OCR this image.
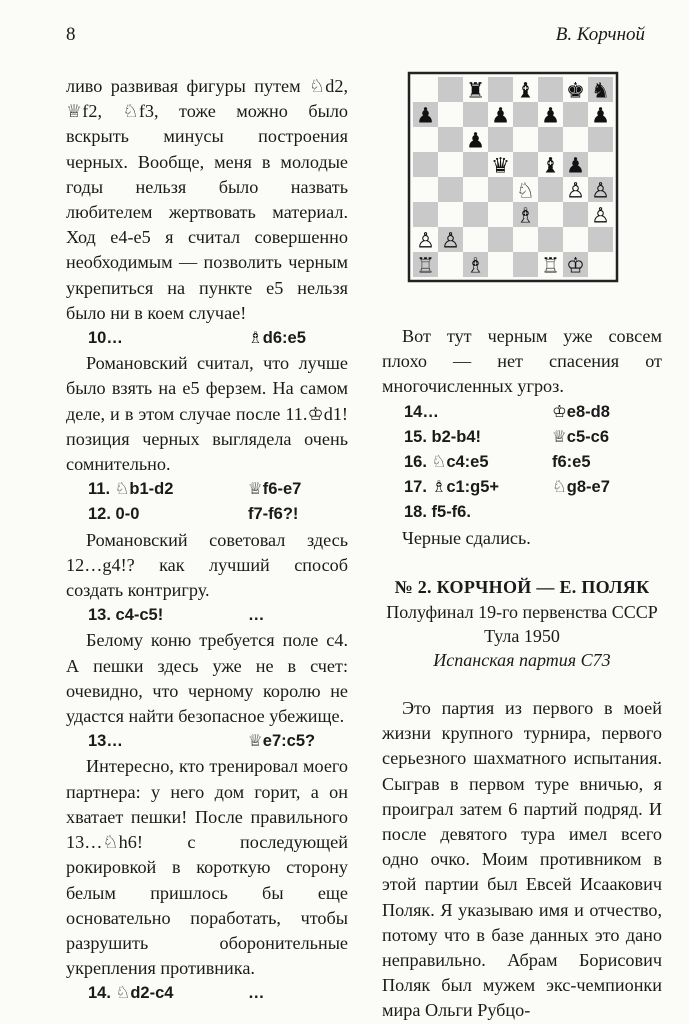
8	В. Корчной

ливо развивая фигуры путем ♘d2, ♕f2, ♘f3, тоже можно было вскрыть минусы построения черных. Вообще, меня в молодые годы нельзя было назвать любителем жертвовать материал. Ход e4-e5 я считал совершенно необходимым — позволить черным укрепиться на пункте e5 нельзя было ни в коем случае!

10…	♗d6:e5

Романовский считал, что лучше было взять на e5 ферзем. На самом деле, и в этом случае после 11.♔d1! позиция черных выглядела очень сомнительно.

11. ♘b1-d2	♕f6-e7
12. 0-0	f7-f6?!

Романовский советовал здесь 12…g4!? как лучший способ создать контригру.

13. c4-c5!	…

Белому коню требуется поле c4. А пешки здесь уже не в счет: очевидно, что черному королю не удастся найти безопасное убежище.

13…	♕e7:c5?

Интересно, кто тренировал моего партнера: у него дом горит, а он хватает пешки! После правильного 13…♘h6! с последующей рокировкой в короткую сторону белым пришлось бы еще основательно поработать, чтобы разрушить оборонительные укрепления противника.

14. ♘d2-c4	…
♜ ♝ ♚ ♞
♟	♟ ♟ ♟
♟
♛ ♝ ♟
♘ ♙ ♙
♗	♙
♙ ♙
♖ ♗	♖ ♔

Вот тут черным уже совсем плохо — нет спасения от многочисленных угроз.

14…	♔e8-d8
15. b2-b4!	♕c5-c6
16. ♘c4:e5	f6:e5
17. ♗c1:g5+	♘g8-e7
18. f5-f6.

Черные сдались.

№ 2. КОРЧНОЙ — Е. ПОЛЯК

Полуфинал 19-го первенства СССР

Тула 1950

Испанская партия C73

Это партия из первого в моей жизни крупного турнира, первого серьезного шахматного испытания. Сыграв в первом туре вничью, я проиграл затем 6 партий подряд. И после девятого тура имел всего одно очко. Моим противником в этой партии был Евсей Исаакович Поляк. Я указываю имя и отчество, потому что в базе данных это дано неправильно. Абрам Борисович Поляк был мужем экс-чемпионки мира Ольги Рубцо-
